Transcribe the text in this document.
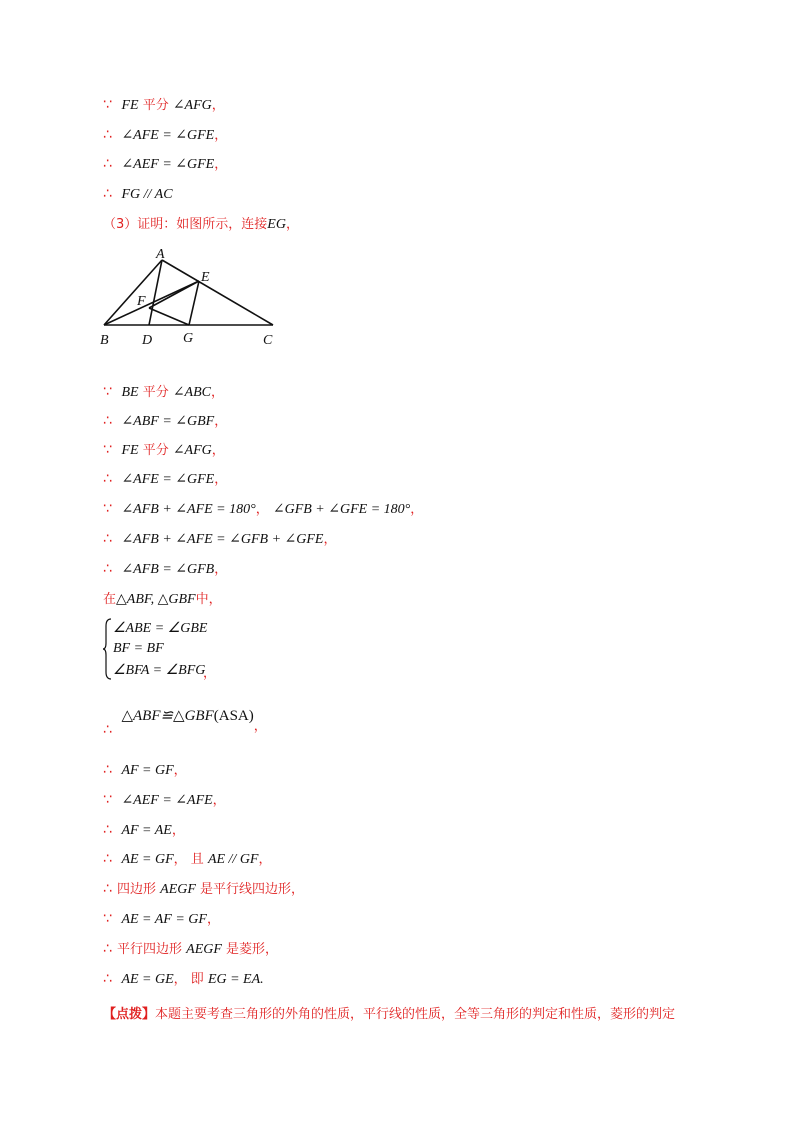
∵ FE 平分 ∠AFG，
∴ ∠AFE = ∠GFE，
∴ ∠AEF = ∠GFE，
∴ FG // AC
（3）证明：如图所示，连接EG，
A
E
F
B D G	C
∵ BE 平分 ∠ABC，
∴ ∠ABF = ∠GBF，
∵ FE 平分 ∠AFG，
∴ ∠AFE = ∠GFE，
∵ ∠AFB + ∠AFE = 180°， ∠GFB + ∠GFE = 180°，
∴ ∠AFB + ∠AFE = ∠GFB + ∠GFE，
∴ ∠AFB = ∠GFB，
在△ABF, △GBF中，
∠ABE = ∠GBE
BF = BF
∠BFA = ∠BFG
，
∴ △ABF≌△GBF(ASA)，
∴ AF = GF，
∵ ∠AEF = ∠AFE，
∴ AF = AE，
∴ AE = GF， 且 AE // GF，
∴ 四边形 AEGF 是平行线四边形，
∵ AE = AF = GF，
∴ 平行四边形 AEGF 是菱形，
∴ AE = GE， 即 EG = EA.
【点拨】本题主要考查三角形的外角的性质，平行线的性质，全等三角形的判定和性质，菱形的判定
